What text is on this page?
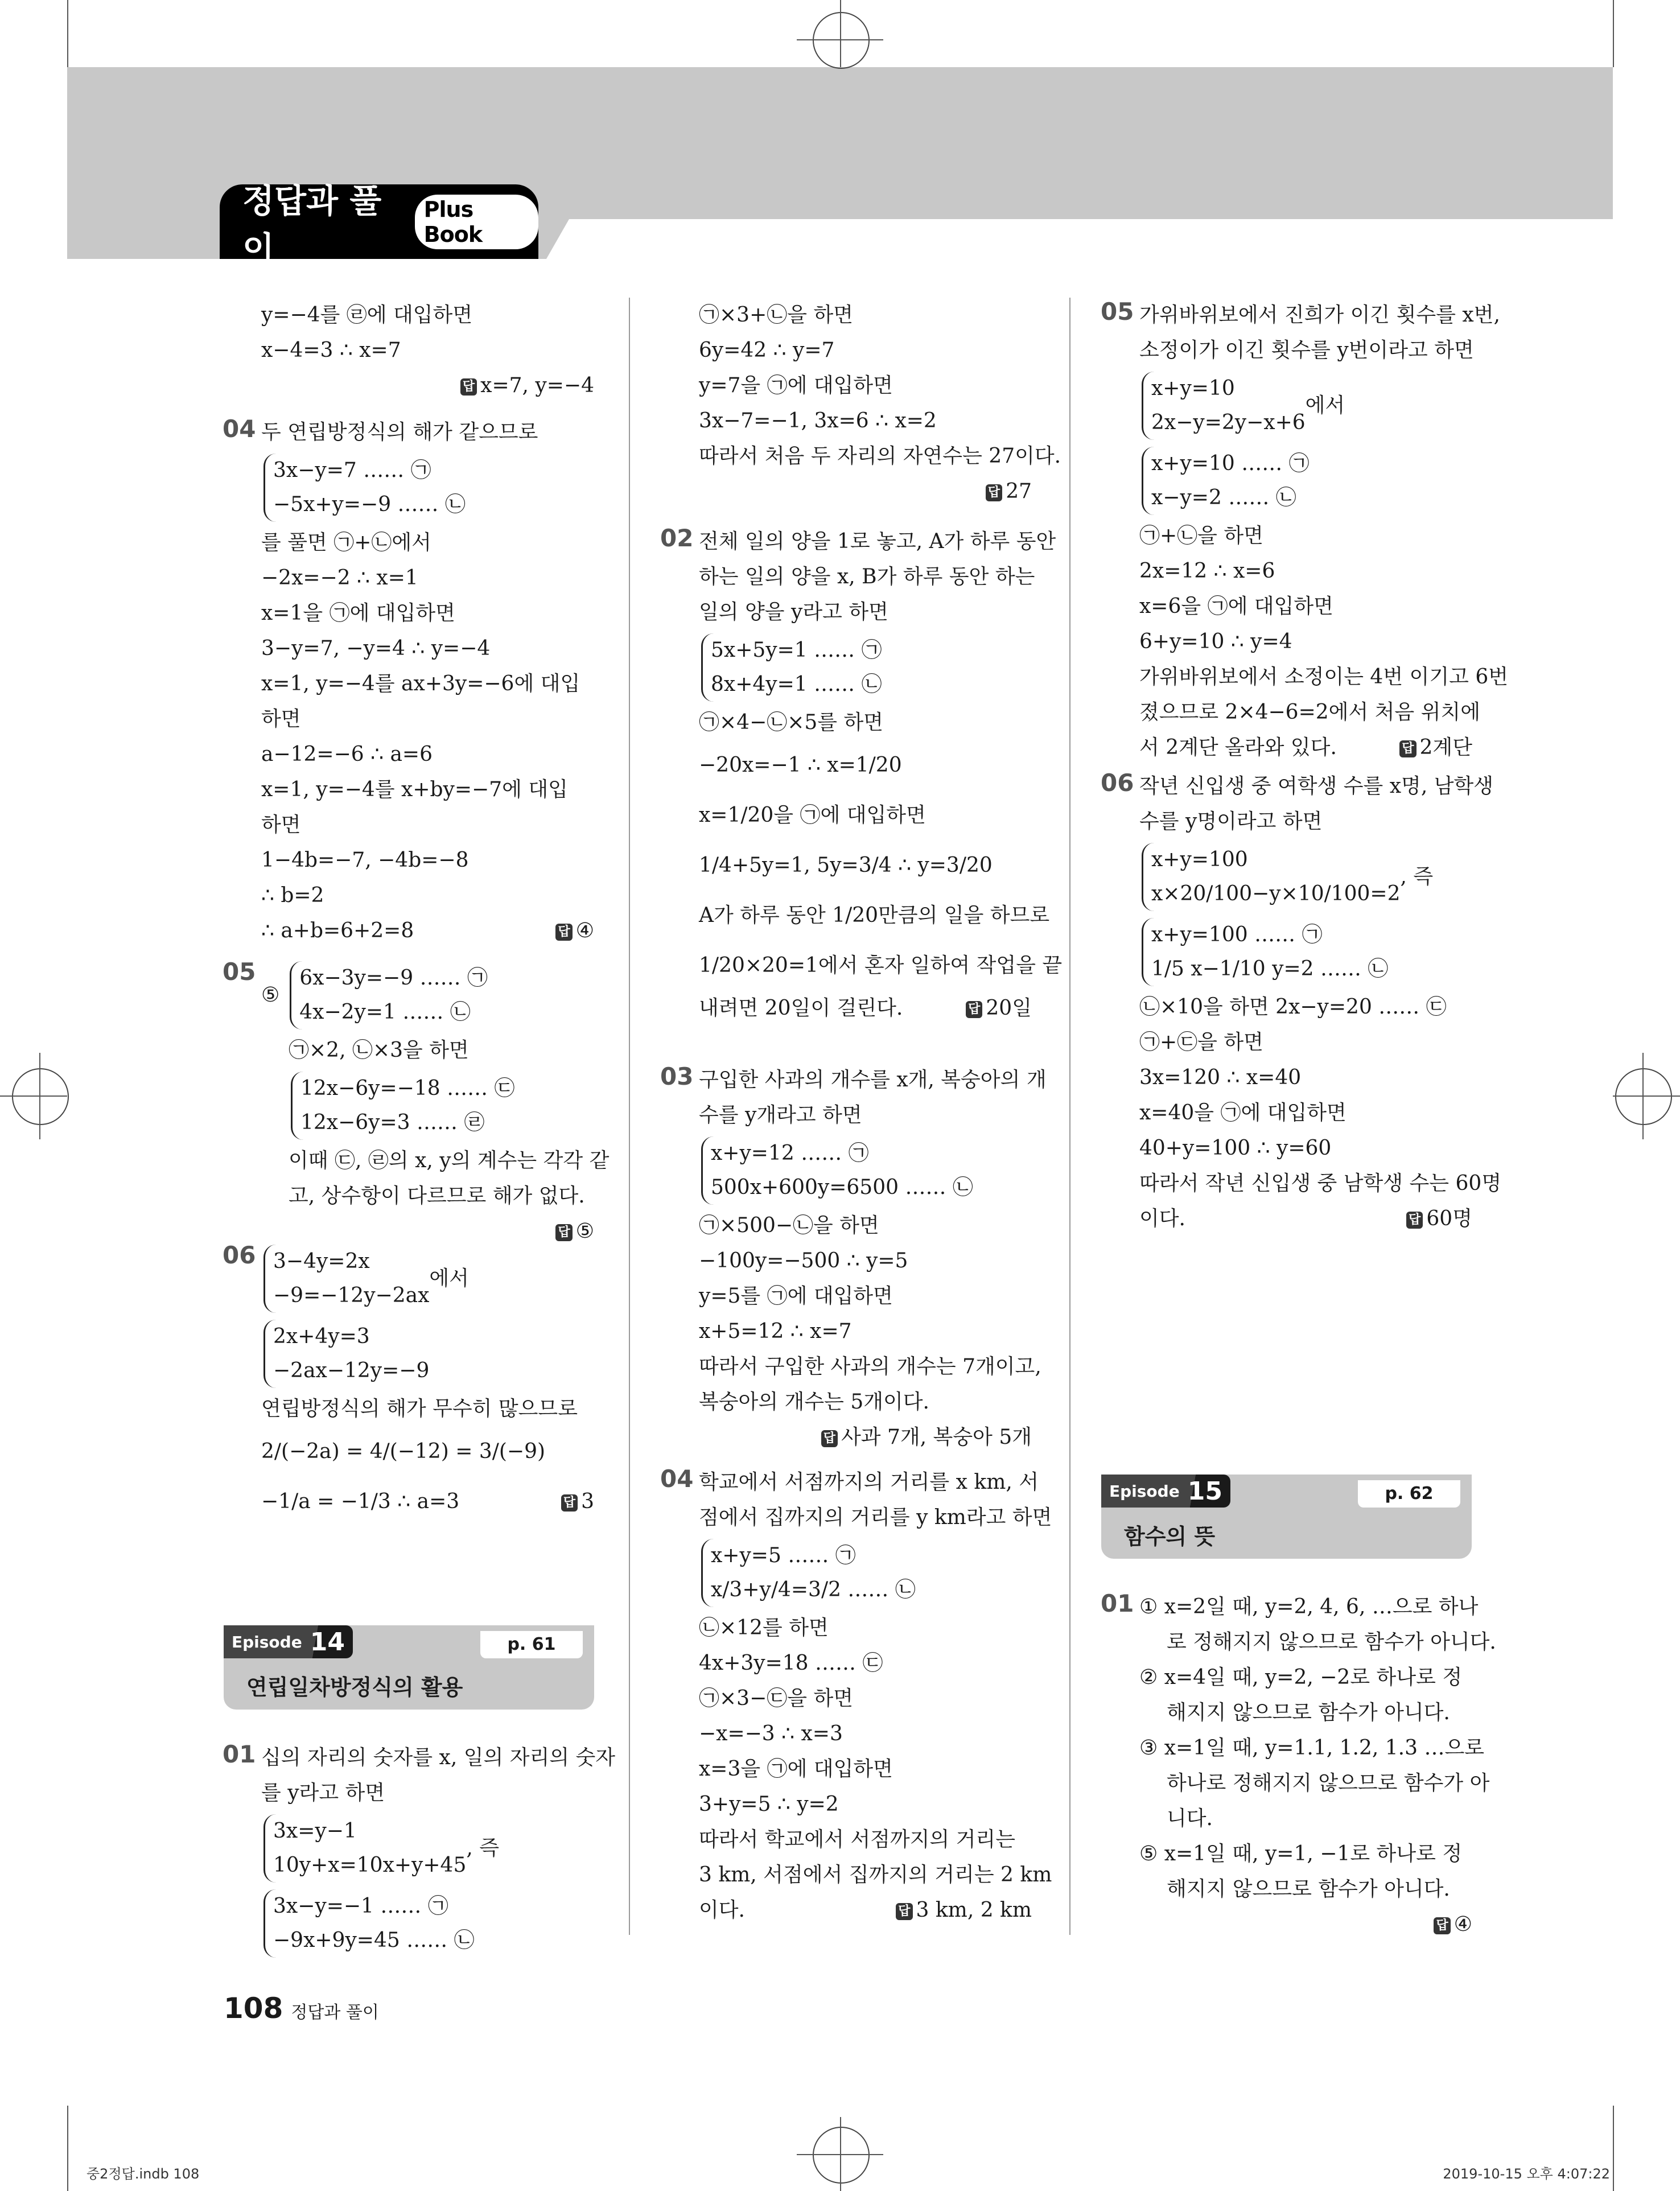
정답과 풀이
Plus Book
Episode 14	p. 61
연립일차방정식의 활용
Episode 15	p. 62
함수의 뜻
y=−4를 ㉣에 대입하면
x−4=3 ∴ x=7
답 x=7, y=−4
04 두 연립방정식의 해가 같으므로
3x−y=7 …… ㉠
−5x+y=−9 …… ㉡
를 풀면 ㉠+㉡에서
−2x=−2 ∴ x=1
x=1을 ㉠에 대입하면
3−y=7, −y=4 ∴ y=−4
x=1, y=−4를 ax+3y=−6에 대입
하면
a−12=−6 ∴ a=6
x=1, y=−4를 x+by=−7에 대입
하면
1−4b=−7, −4b=−8
∴ b=2
답 ④
∴ a+b=6+2=8
05
⑤
6x−3y=−9 …… ㉠
4x−2y=1 …… ㉡
㉠×2, ㉡×3을 하면
12x−6y=−18 …… ㉢
12x−6y=3 …… ㉣
이때 ㉢, ㉣의 x, y의 계수는 각각 같
고, 상수항이 다르므로 해가 없다.
답 ⑤
06 3−4y=2x
−9=−12y−2ax
에서
2x+4y=3
−2ax−12y=−9
연립방정식의 해가 무수히 많으므로
2/(−2a) = 4/(−12) = 3/(−9)
답 3
−1/a = −1/3 ∴ a=3
01 십의 자리의 숫자를 x, 일의 자리의 숫자
를 y라고 하면
3x=y−1
10y+x=10x+y+45
, 즉
3x−y=−1 …… ㉠
−9x+9y=45 …… ㉡
㉠×3+㉡을 하면
6y=42 ∴ y=7
y=7을 ㉠에 대입하면
3x−7=−1, 3x=6 ∴ x=2
따라서 처음 두 자리의 자연수는 27이다.
답 27
02 전체 일의 양을 1로 놓고, A가 하루 동안
하는 일의 양을 x, B가 하루 동안 하는
일의 양을 y라고 하면
5x+5y=1 …… ㉠
8x+4y=1 …… ㉡
㉠×4−㉡×5를 하면
−20x=−1 ∴ x=1/20
x=1/20을 ㉠에 대입하면
1/4+5y=1, 5y=3/4 ∴ y=3/20
A가 하루 동안 1/20만큼의 일을 하므로
1/20×20=1에서 혼자 일하여 작업을 끝
답 20일
내려면 20일이 걸린다.
03 구입한 사과의 개수를 x개, 복숭아의 개
수를 y개라고 하면
x+y=12 …… ㉠
500x+600y=6500 …… ㉡
㉠×500−㉡을 하면
−100y=−500 ∴ y=5
y=5를 ㉠에 대입하면
x+5=12 ∴ x=7
따라서 구입한 사과의 개수는 7개이고,
복숭아의 개수는 5개이다.
답 사과 7개, 복숭아 5개
04 학교에서 서점까지의 거리를 x km, 서
점에서 집까지의 거리를 y km라고 하면
x+y=5 …… ㉠
x/3+y/4=3/2 …… ㉡
㉡×12를 하면
4x+3y=18 …… ㉢
㉠×3−㉢을 하면
−x=−3 ∴ x=3
x=3을 ㉠에 대입하면
3+y=5 ∴ y=2
따라서 학교에서 서점까지의 거리는
3 km, 서점에서 집까지의 거리는 2 km
답 3 km, 2 km
이다.
05 가위바위보에서 진희가 이긴 횟수를 x번,
소정이가 이긴 횟수를 y번이라고 하면
x+y=10
2x−y=2y−x+6
에서
x+y=10 …… ㉠
x−y=2 …… ㉡
㉠+㉡을 하면
2x=12 ∴ x=6
x=6을 ㉠에 대입하면
6+y=10 ∴ y=4
가위바위보에서 소정이는 4번 이기고 6번
졌으므로 2×4−6=2에서 처음 위치에
답 2계단
서 2계단 올라와 있다.
06 작년 신입생 중 여학생 수를 x명, 남학생
수를 y명이라고 하면
x+y=100
x×20/100−y×10/100=2
, 즉
x+y=100 …… ㉠
1/5 x−1/10 y=2 …… ㉡
㉡×10을 하면 2x−y=20 …… ㉢
㉠+㉢을 하면
3x=120 ∴ x=40
x=40을 ㉠에 대입하면
40+y=100 ∴ y=60
따라서 작년 신입생 중 남학생 수는 60명
답 60명
이다.
01 ① x=2일 때, y=2, 4, 6, …으로 하나
로 정해지지 않으므로 함수가 아니다.
② x=4일 때, y=2, −2로 하나로 정
해지지 않으므로 함수가 아니다.
③ x=1일 때, y=1.1, 1.2, 1.3 …으로
하나로 정해지지 않으므로 함수가 아
니다.
⑤ x=1일 때, y=1, −1로 하나로 정
해지지 않으므로 함수가 아니다.
답 ④
108 정답과 풀이
중2정답.indb 108	2019-10-15 오후 4:07:22
